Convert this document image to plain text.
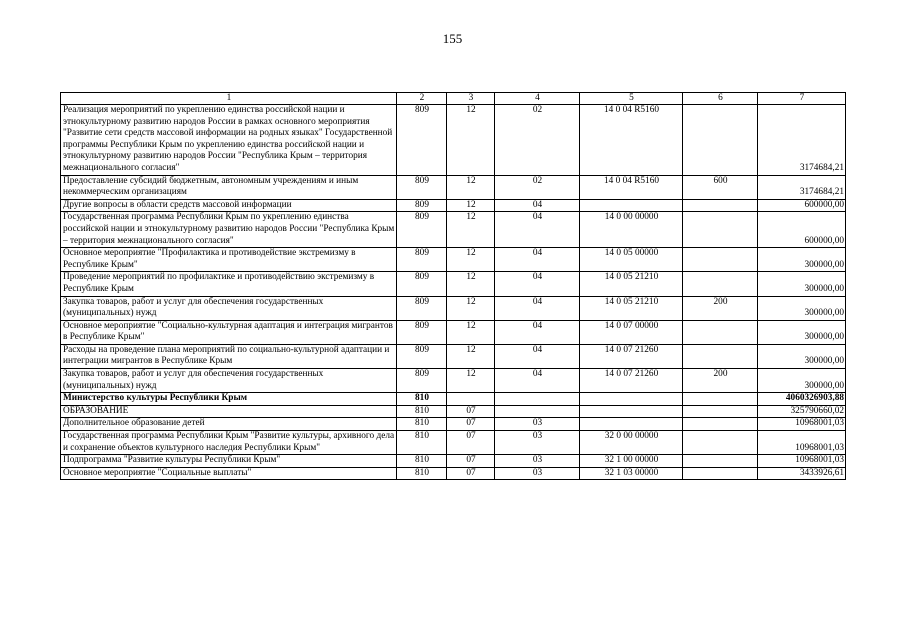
155
1	2	3	4	5	6	7
Реализация мероприятий по укреплению единства российской нации и этнокультурному развитию народов России в рамках основного мероприятия "Развитие сети средств массовой информации на родных языках" Государственной программы Республики Крым по укреплению единства российской нации и этнокультурному развитию народов России "Республика Крым – территория межнационального согласия"	809	12	02	14 0 04 R5160		3174684,21
Предоставление субсидий бюджетным, автономным учреждениям и иным некоммерческим организациям	809	12	02	14 0 04 R5160	600	3174684,21
Другие вопросы в области средств массовой информации	809	12	04			600000,00
Государственная программа Республики Крым по укреплению единства российской нации и этнокультурному развитию народов России "Республика Крым – территория межнационального согласия"	809	12	04	14 0 00 00000		600000,00
Основное мероприятие "Профилактика и противодействие экстремизму в Республике Крым"	809	12	04	14 0 05 00000		300000,00
Проведение мероприятий по профилактике и противодействию экстремизму в Республике Крым	809	12	04	14 0 05 21210		300000,00
Закупка товаров, работ и услуг для обеспечения государственных (муниципальных) нужд	809	12	04	14 0 05 21210	200	300000,00
Основное мероприятие "Социально-культурная адаптация и интеграция мигрантов в Республике Крым"	809	12	04	14 0 07 00000		300000,00
Расходы на проведение плана мероприятий по социально-культурной адаптации и интеграции мигрантов в Республике Крым	809	12	04	14 0 07 21260		300000,00
Закупка товаров, работ и услуг для обеспечения государственных (муниципальных) нужд	809	12	04	14 0 07 21260	200	300000,00
Министерство культуры Республики Крым	810					4060326903,88
ОБРАЗОВАНИЕ	810	07				325790660,02
Дополнительное образование детей	810	07	03			10968001,03
Государственная программа Республики Крым "Развитие культуры, архивного дела и сохранение объектов культурного наследия Республики Крым"	810	07	03	32 0 00 00000		10968001,03
Подпрограмма "Развитие культуры Республики Крым"	810	07	03	32 1 00 00000		10968001,03
Основное мероприятие "Социальные выплаты"	810	07	03	32 1 03 00000		3433926,61
